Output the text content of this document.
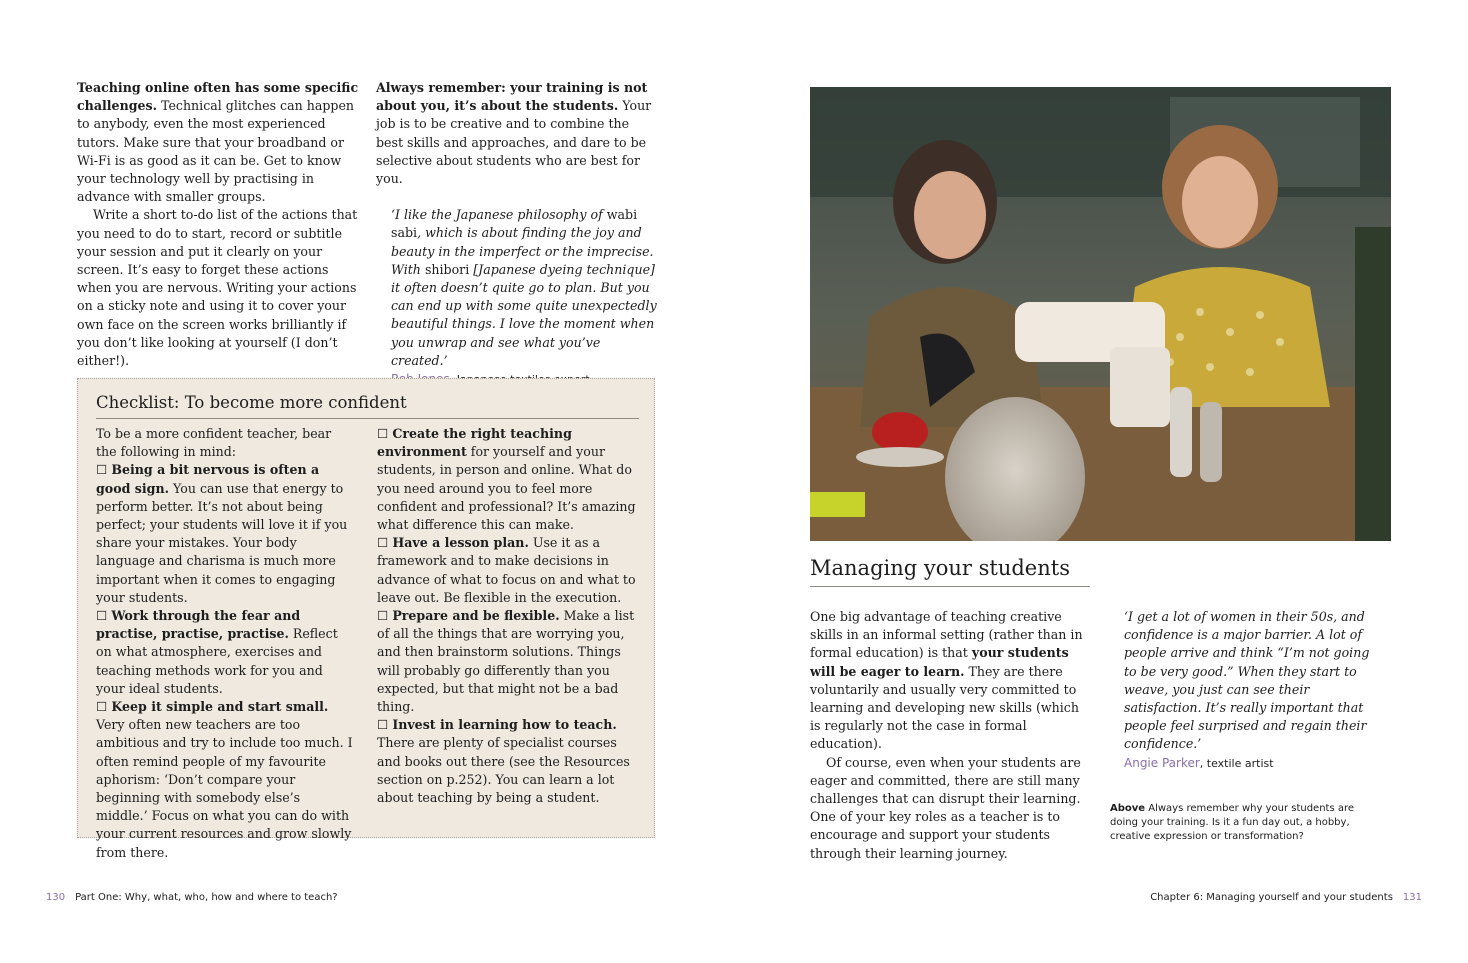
Teaching online often has some specific challenges. Technical glitches can happen to anybody, even the most experienced tutors. Make sure that your broadband or Wi-Fi is as good as it can be. Get to know your technology well by practising in advance with smaller groups.

Write a short to-do list of the actions that you need to do to start, record or subtitle your session and put it clearly on your screen. It’s easy to forget these actions when you are nervous. Writing your actions on a sticky note and using it to cover your own face on the screen works brilliantly if you don’t like looking at yourself (I don’t either!).

Always remember: your training is not about you, it’s about the students. Your job is to be creative and to combine the best skills and approaches, and dare to be selective about students who are best for you.

‘I like the Japanese philosophy of wabi sabi, which is about finding the joy and beauty in the imperfect or the imprecise. With shibori [Japanese dyeing technique] it often doesn’t quite go to plan. But you can end up with some quite unexpectedly beautiful things. I love the moment when you unwrap and see what you’ve created.’

Checklist: To become more confident

To be a more confident teacher, bear the following in mind:

☐ Being a bit nervous is often a good sign. You can use that energy to perform better. It’s not about being perfect; your students will love it if you share your mistakes. Your body language and charisma is much more important when it comes to engaging your students.

☐ Work through the fear and practise, practise, practise. Reflect on what atmosphere, exercises and teaching methods work for you and your ideal students.

☐ Keep it simple and start small. Very often new teachers are too ambitious and try to include too much. I often remind people of my favourite aphorism: ‘Don’t compare your beginning with somebody else’s middle.’ Focus on what you can do with your current resources and grow slowly from there.

☐ Create the right teaching environment for yourself and your students, in person and online. What do you need around you to feel more confident and professional? It’s amazing what difference this can make.

☐ Have a lesson plan. Use it as a framework and to make decisions in advance of what to focus on and what to leave out. Be flexible in the execution.

☐ Prepare and be flexible. Make a list of all the things that are worrying you, and then brainstorm solutions. Things will probably go differently than you expected, but that might not be a bad thing.

☐ Invest in learning how to teach. There are plenty of specialist courses and books out there (see the Resources section on p.252). You can learn a lot about teaching by being a student.

Managing your students

One big advantage of teaching creative skills in an informal setting (rather than in formal education) is that your students will be eager to learn. They are there voluntarily and usually very committed to learning and developing new skills (which is regularly not the case in formal education).

Of course, even when your students are eager and committed, there are still many challenges that can disrupt their learning. One of your key roles as a teacher is to encourage and support your students through their learning journey.

‘I get a lot of women in their 50s, and confidence is a major barrier. A lot of people arrive and think “I’m not going to be very good.” When they start to weave, you just can see their satisfaction. It’s really important that people feel surprised and regain their confidence.’
Angie Parker, textile artist

Above Always remember why your students are doing your training. Is it a fun day out, a hobby, creative expression or transformation?
130 Part One: Why, what, who, how and where to teach?	Chapter 6: Managing yourself and your students 131
